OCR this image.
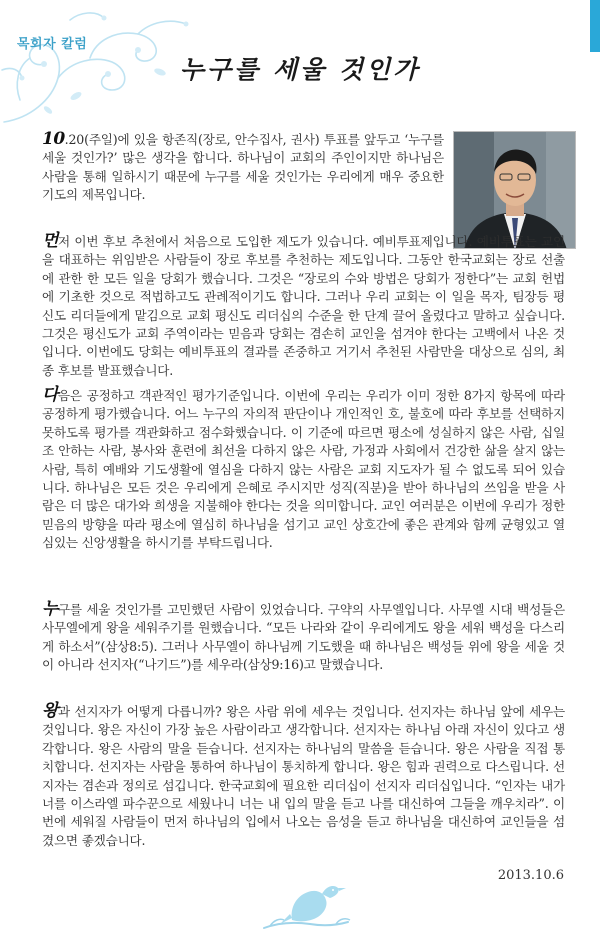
목회자 칼럼
누구를 세울 것인가

10.20(주일)에 있을 항존직(장로, 안수집사, 권사) 투표를 앞두고 ‘누구를 세울 것인가?’ 많은 생각을 합니다. 하나님이 교회의 주인이지만 하나님은 사람을 통해 일하시기 때문에 누구를 세울 것인가는 우리에게 매우 중요한 기도의 제목입니다.

먼저 이번 후보 추천에서 처음으로 도입한 제도가 있습니다. 예비투표제입니다. 예비투표는 교인을 대표하는 위임받은 사람들이 장로 후보를 추천하는 제도입니다. 그동안 한국교회는 장로 선출에 관한 한 모든 일을 당회가 했습니다. 그것은 “장로의 수와 방법은 당회가 정한다”는 교회 헌법에 기초한 것으로 적법하고도 관례적이기도 합니다. 그러나 우리 교회는 이 일을 목자, 팀장등 평신도 리더들에게 맡김으로 교회 평신도 리더십의 수준을 한 단계 끌어 올렸다고 말하고 싶습니다. 그것은 평신도가 교회 주역이라는 믿음과 당회는 겸손히 교인을 섬겨야 한다는 고백에서 나온 것입니다. 이번에도 당회는 예비투표의 결과를 존중하고 거기서 추천된 사람만을 대상으로 심의, 최종 후보를 발표했습니다.

다음은 공정하고 객관적인 평가기준입니다. 이번에 우리는 우리가 이미 정한 8가지 항목에 따라 공정하게 평가했습니다. 어느 누구의 자의적 판단이나 개인적인 호, 불호에 따라 후보를 선택하지 못하도록 평가를 객관화하고 점수화했습니다. 이 기준에 따르면 평소에 성실하지 않은 사람, 십일조 안하는 사람, 봉사와 훈련에 최선을 다하지 않은 사람, 가정과 사회에서 건강한 삶을 살지 않는 사람, 특히 예배와 기도생활에 열심을 다하지 않는 사람은 교회 지도자가 될 수 없도록 되어 있습니다. 하나님은 모든 것은 우리에게 은혜로 주시지만 성직(직분)을 받아 하나님의 쓰임을 받을 사람은 더 많은 대가와 희생을 지불해야 한다는 것을 의미합니다. 교인 여러분은 이번에 우리가 정한 믿음의 방향을 따라 평소에 열심히 하나님을 섬기고 교인 상호간에 좋은 관계와 함께 균형있고 열심있는 신앙생활을 하시기를 부탁드립니다.

누구를 세울 것인가를 고민했던 사람이 있었습니다. 구약의 사무엘입니다. 사무엘 시대 백성들은 사무엘에게 왕을 세워주기를 원했습니다. “모든 나라와 같이 우리에게도 왕을 세워 백성을 다스리게 하소서”(삼상8:5). 그러나 사무엘이 하나님께 기도했을 때 하나님은 백성들 위에 왕을 세울 것이 아니라 선지자(“나기드”)를 세우라(삼상9:16)고 말했습니다.

왕과 선지자가 어떻게 다릅니까? 왕은 사람 위에 세우는 것입니다. 선지자는 하나님 앞에 세우는 것입니다. 왕은 자신이 가장 높은 사람이라고 생각합니다. 선지자는 하나님 아래 자신이 있다고 생각합니다. 왕은 사람의 말을 듣습니다. 선지자는 하나님의 말씀을 듣습니다. 왕은 사람을 직접 통치합니다. 선지자는 사람을 통하여 하나님이 통치하게 합니다. 왕은 힘과 권력으로 다스립니다. 선지자는 겸손과 정의로 섬깁니다. 한국교회에 필요한 리더십이 선지자 리더십입니다. “인자는 내가 너를 이스라엘 파수꾼으로 세웠나니 너는 내 입의 말을 듣고 나를 대신하여 그들을 깨우치라”. 이번에 세워질 사람들이 먼저 하나님의 입에서 나오는 음성을 듣고 하나님을 대신하여 교인들을 섬겼으면 좋겠습니다.

2013.10.6
